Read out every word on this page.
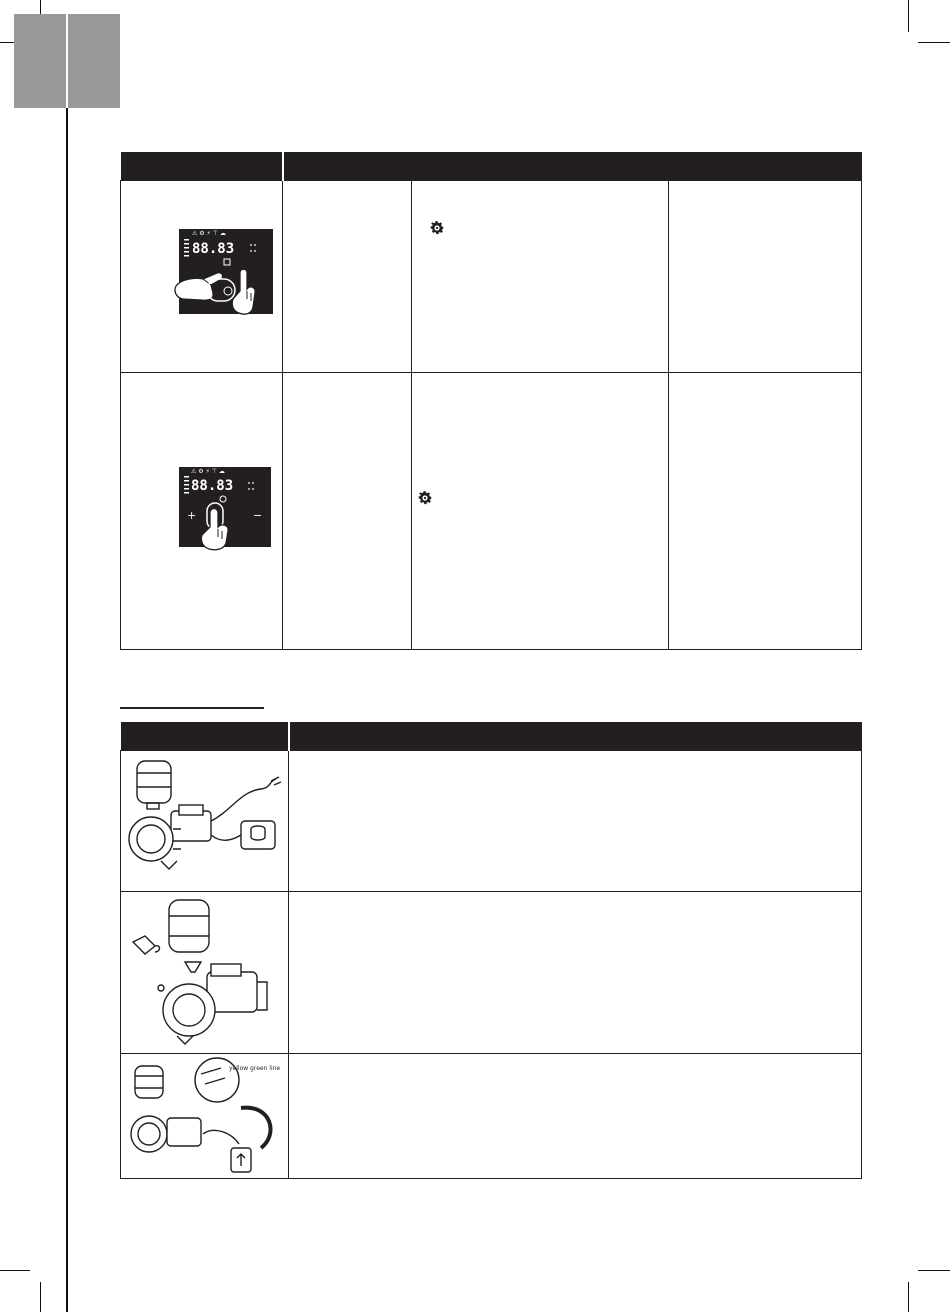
⚠ ⚙ ⚡ ⊤ ☁
88.83

⚠ ⚙ ⚡ ⊤ ☁
88.83
+ −

yellow green line	
